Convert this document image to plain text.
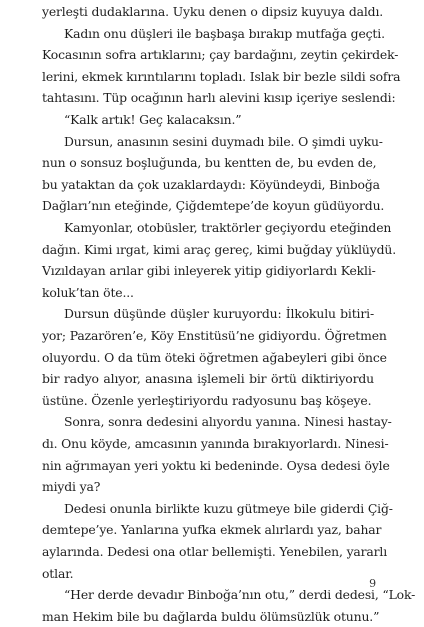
yerleşti dudaklarına. Uyku denen o dipsiz kuyuya daldı.
Kadın onu düşleri ile başbaşa bırakıp mutfağa geçti.
Kocasının sofra artıklarını; çay bardağını, zeytin çekirdek-
lerini, ekmek kırıntılarını topladı. Islak bir bezle sildi sofra
tahtasını. Tüp ocağının harlı alevini kısıp içeriye seslendi:
“Kalk artık! Geç kalacaksın.”
Dursun, anasının sesini duymadı bile. O şimdi uyku-
nun o sonsuz boşluğunda, bu kentten de, bu evden de,
bu yataktan da çok uzaklardaydı: Köyündeydi, Binboğa
Dağları’nın eteğinde, Çiğdemtepe’de koyun güdüyordu.
Kamyonlar, otobüsler, traktörler geçiyordu eteğinden
dağın. Kimi ırgat, kimi araç gereç, kimi buğday yüklüydü.
Vızıldayan arılar gibi inleyerek yitip gidiyorlardı Kekli-
koluk’tan öte...
Dursun düşünde düşler kuruyordu: İlkokulu bitiri-
yor; Pazarören’e, Köy Enstitüsü’ne gidiyordu. Öğretmen
oluyordu. O da tüm öteki öğretmen ağabeyleri gibi önce
bir radyo alıyor, anasına işlemeli bir örtü diktiriyordu
üstüne. Özenle yerleştiriyordu radyosunu baş köşeye.
Sonra, sonra dedesini alıyordu yanına. Ninesi hastay-
dı. Onu köyde, amcasının yanında bırakıyorlardı. Ninesi-
nin ağrımayan yeri yoktu ki bedeninde. Oysa dedesi öyle
miydi ya?
Dedesi onunla birlikte kuzu gütmeye bile giderdi Çiğ-
demtepe’ye. Yanlarına yufka ekmek alırlardı yaz, bahar
aylarında. Dedesi ona otlar bellemişti. Yenebilen, yararlı
otlar.
“Her derde devadır Binboğa’nın otu,” derdi dedesi, “Lok-
man Hekim bile bu dağlarda buldu ölümsüzlük otunu.”
9
